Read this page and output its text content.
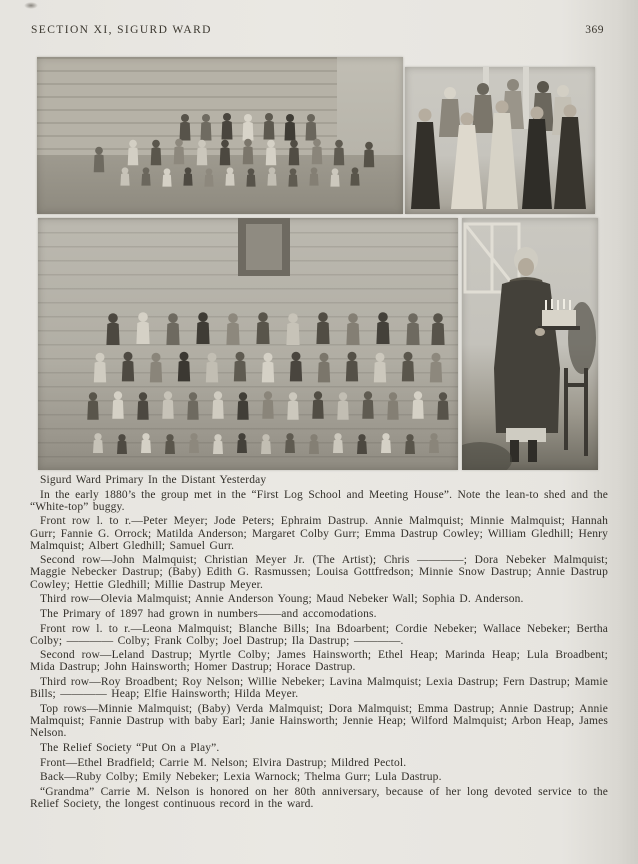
SECTION XI, SIGURD WARD	369

Sigurd Ward Primary In the Distant Yesterday

In the early 1880’s the group met in the “First Log School and Meeting House”. Note the lean-to shed and the “White-top” buggy.

Front row l. to r.—Peter Meyer; Jode Peters; Ephraim Dastrup. Annie Malmquist; Minnie Malmquist; Hannah Gurr; Fannie G. Orrock; Matilda Anderson; Margaret Colby Gurr; Emma Dastrup Cowley; William Gledhill; Henry Malmquist; Albert Gledhill; Samuel Gurr.

Second row—John Malmquist; Christian Meyer Jr. (The Artist); Chris ————; Dora Nebeker Malmquist; Maggie Nebecker Dastrup; (Baby) Edith G. Rasmussen; Louisa Gottfredson; Minnie Snow Dastrup; Annie Dastrup Cowley; Hettie Gledhill; Millie Dastrup Meyer.

Third row—Olevia Malmquist; Annie Anderson Young; Maud Nebeker Wall; Sophia D. Anderson.

The Primary of 1897 had grown in numbers——and accomodations.

Front row l. to r.—Leona Malmquist; Blanche Bills; Ina Bdoarbent; Cordie Nebeker; Wallace Nebeker; Bertha Colby; ———— Colby; Frank Colby; Joel Dastrup; Ila Dastrup; ————.

Second row—Leland Dastrup; Myrtle Colby; James Hainsworth; Ethel Heap; Marinda Heap; Lula Broadbent; Mida Dastrup; John Hainsworth; Homer Dastrup; Horace Dastrup.

Third row—Roy Broadbent; Roy Nelson; Willie Nebeker; Lavina Malmquist; Lexia Dastrup; Fern Dastrup; Mamie Bills; ———— Heap; Elfie Hainsworth; Hilda Meyer.

Top rows—Minnie Malmquist; (Baby) Verda Malmquist; Dora Malmquist; Emma Dastrup; Annie Dastrup; Annie Malmquist; Fannie Dastrup with baby Earl; Janie Hainsworth; Jennie Heap; Wilford Malmquist; Arbon Heap, James Nelson.

The Relief Society “Put On a Play”.

Front—Ethel Bradfield; Carrie M. Nelson; Elvira Dastrup; Mildred Pectol.

Back—Ruby Colby; Emily Nebeker; Lexia Warnock; Thelma Gurr; Lula Dastrup.

“Grandma” Carrie M. Nelson is honored on her 80th anniversary, because of her long devoted service to the Relief Society, the longest continuous record in the ward.
